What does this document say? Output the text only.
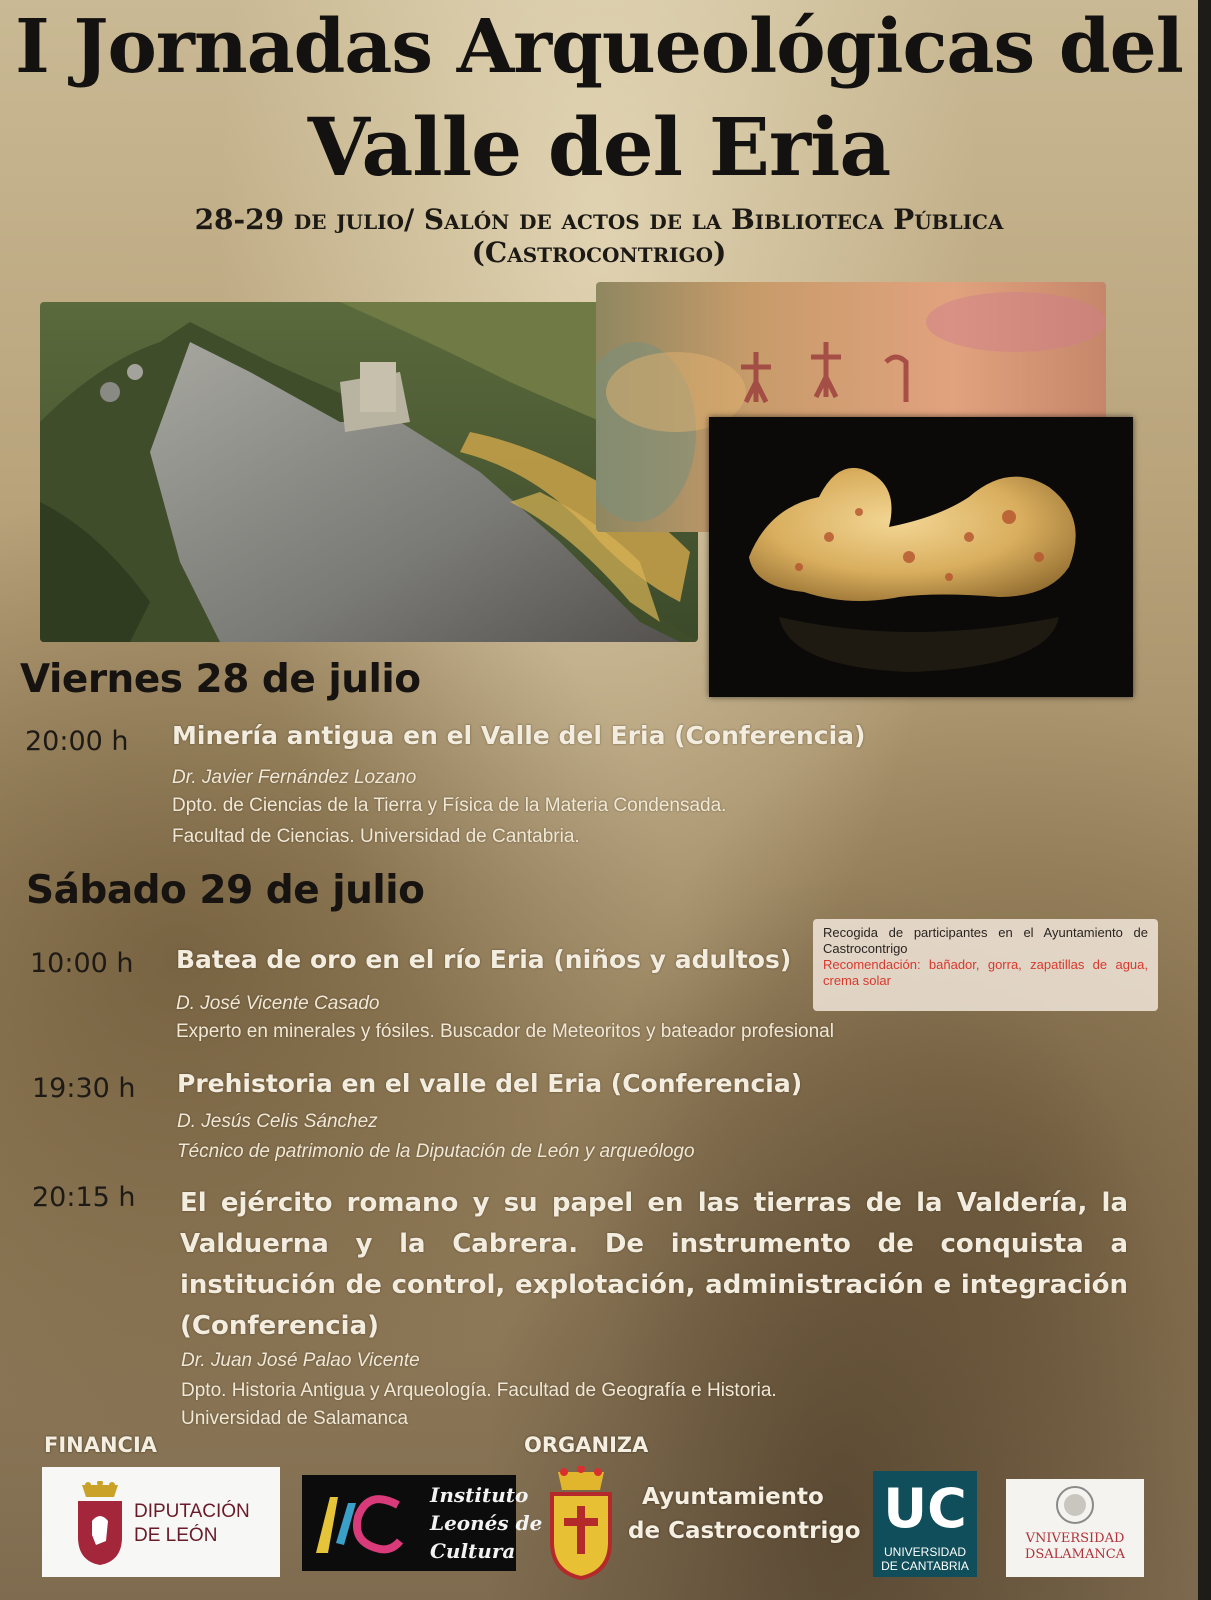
I Jornadas Arqueológicas del
Valle del Eria
28-29 de julio/ Salón de actos de la Biblioteca Pública
(Castrocontrigo)
Viernes 28 de julio
20:00 h Minería antigua en el Valle del Eria (Conferencia)
Dr. Javier Fernández Lozano
Dpto. de Ciencias de la Tierra y Física de la Materia Condensada.
Facultad de Ciencias. Universidad de Cantabria.
Sábado 29 de julio
10:00 h Batea de oro en el río Eria (niños y adultos)
D. José Vicente Casado
Experto en minerales y fósiles. Buscador de Meteoritos y bateador profesional
Recogida de participantes en el Ayuntamiento de Castrocontrigo
Recomendación: bañador, gorra, zapatillas de agua, crema solar
19:30 h Prehistoria en el valle del Eria (Conferencia)
D. Jesús Celis Sánchez
Técnico de patrimonio de la Diputación de León y arqueólogo
20:15 h El ejército romano y su papel en las tierras de la Valdería, la Valduerna y la Cabrera. De instrumento de conquista a institución de control, explotación, administración e integración (Conferencia)
Dr. Juan José Palao Vicente
Dpto. Historia Antigua y Arqueología. Facultad de Geografía e Historia.
Universidad de Salamanca
FINANCIA	ORGANIZA
DIPUTACIÓN
DE LEÓN
Instituto
Leonés de
Cultura
Ayuntamiento
de Castrocontrigo UC
UNIVERSIDAD
DE CANTABRIA
VNIVERSIDAD
DSALAMANCA
